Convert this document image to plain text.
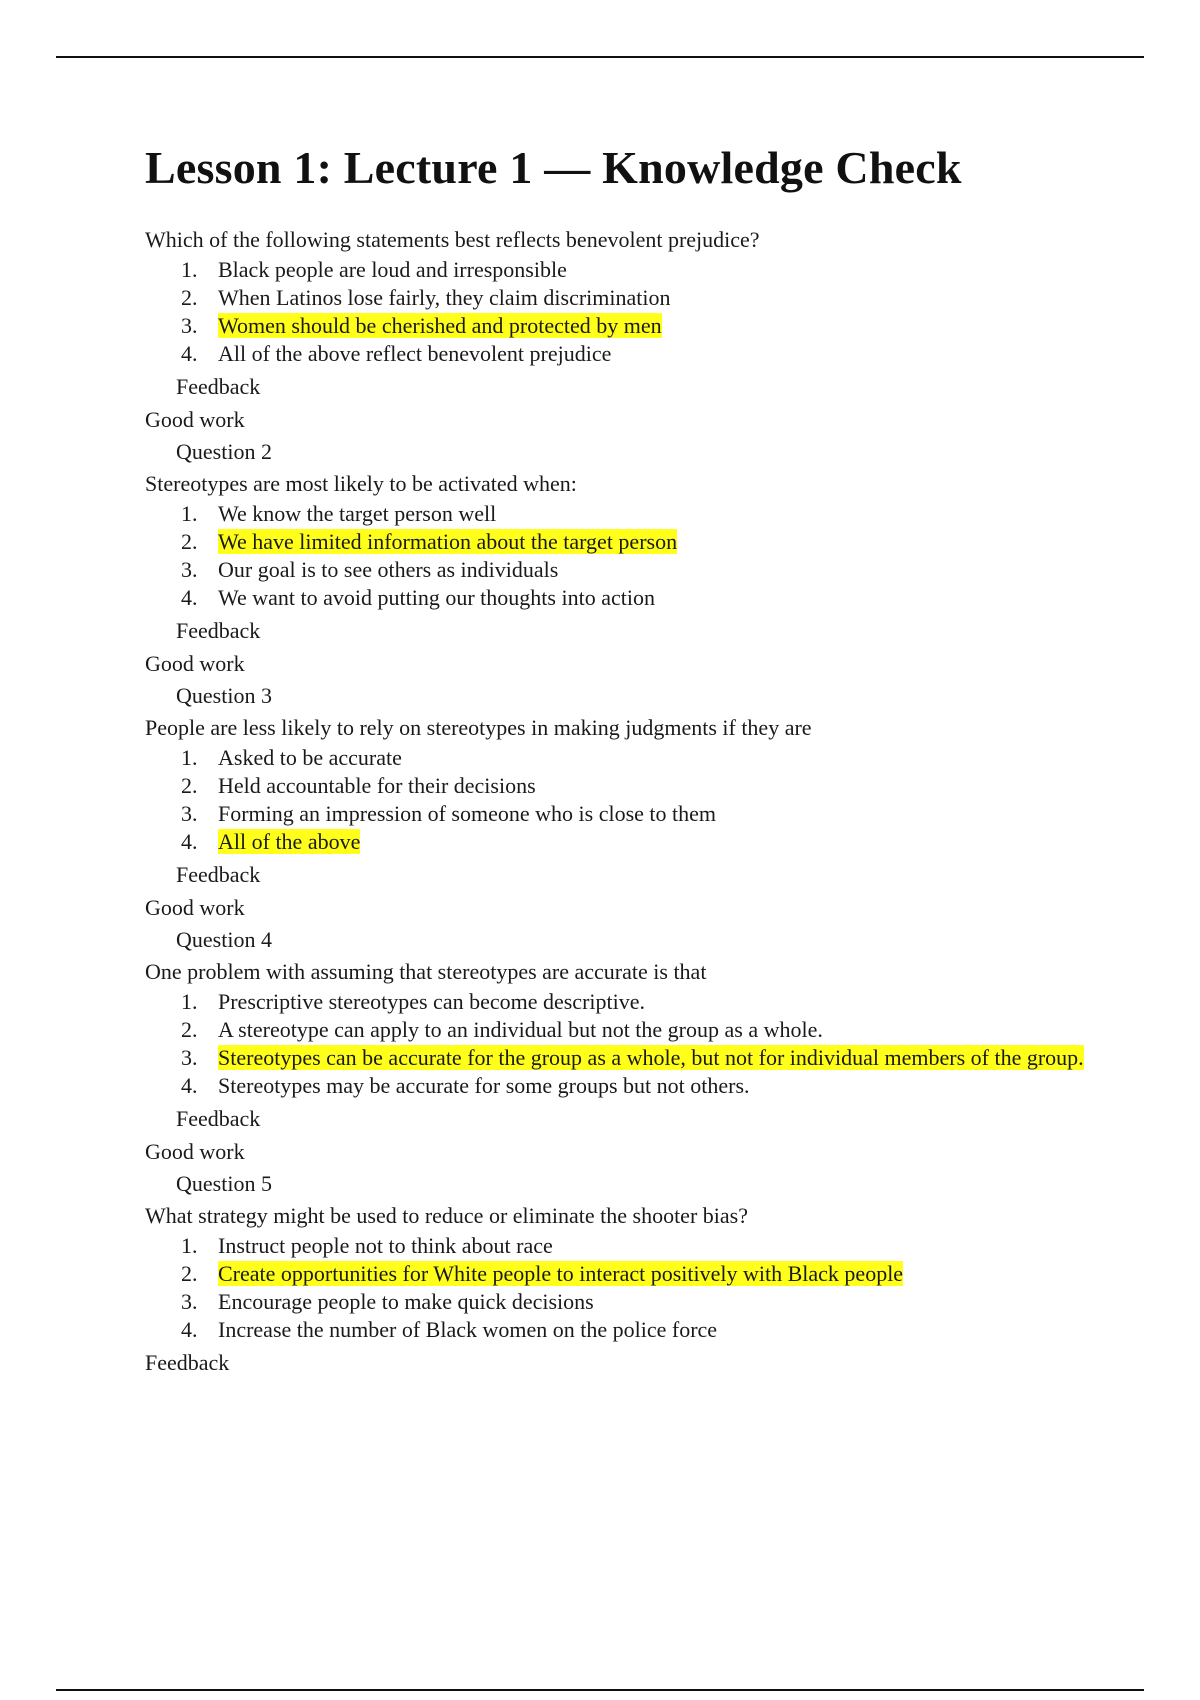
Lesson 1: Lecture 1 — Knowledge Check
Which of the following statements best reflects benevolent prejudice?
1. Black people are loud and irresponsible
2. When Latinos lose fairly, they claim discrimination
3. Women should be cherished and protected by men
4. All of the above reflect benevolent prejudice
Feedback
Good work
Question 2
Stereotypes are most likely to be activated when:
1. We know the target person well
2. We have limited information about the target person
3. Our goal is to see others as individuals
4. We want to avoid putting our thoughts into action
Feedback
Good work
Question 3
People are less likely to rely on stereotypes in making judgments if they are
1. Asked to be accurate
2. Held accountable for their decisions
3. Forming an impression of someone who is close to them
4. All of the above
Feedback
Good work
Question 4
One problem with assuming that stereotypes are accurate is that
1. Prescriptive stereotypes can become descriptive.
2. A stereotype can apply to an individual but not the group as a whole.
3. Stereotypes can be accurate for the group as a whole, but not for individual members of the group.
4. Stereotypes may be accurate for some groups but not others.
Feedback
Good work
Question 5
What strategy might be used to reduce or eliminate the shooter bias?
1. Instruct people not to think about race
2. Create opportunities for White people to interact positively with Black people
3. Encourage people to make quick decisions
4. Increase the number of Black women on the police force
Feedback
